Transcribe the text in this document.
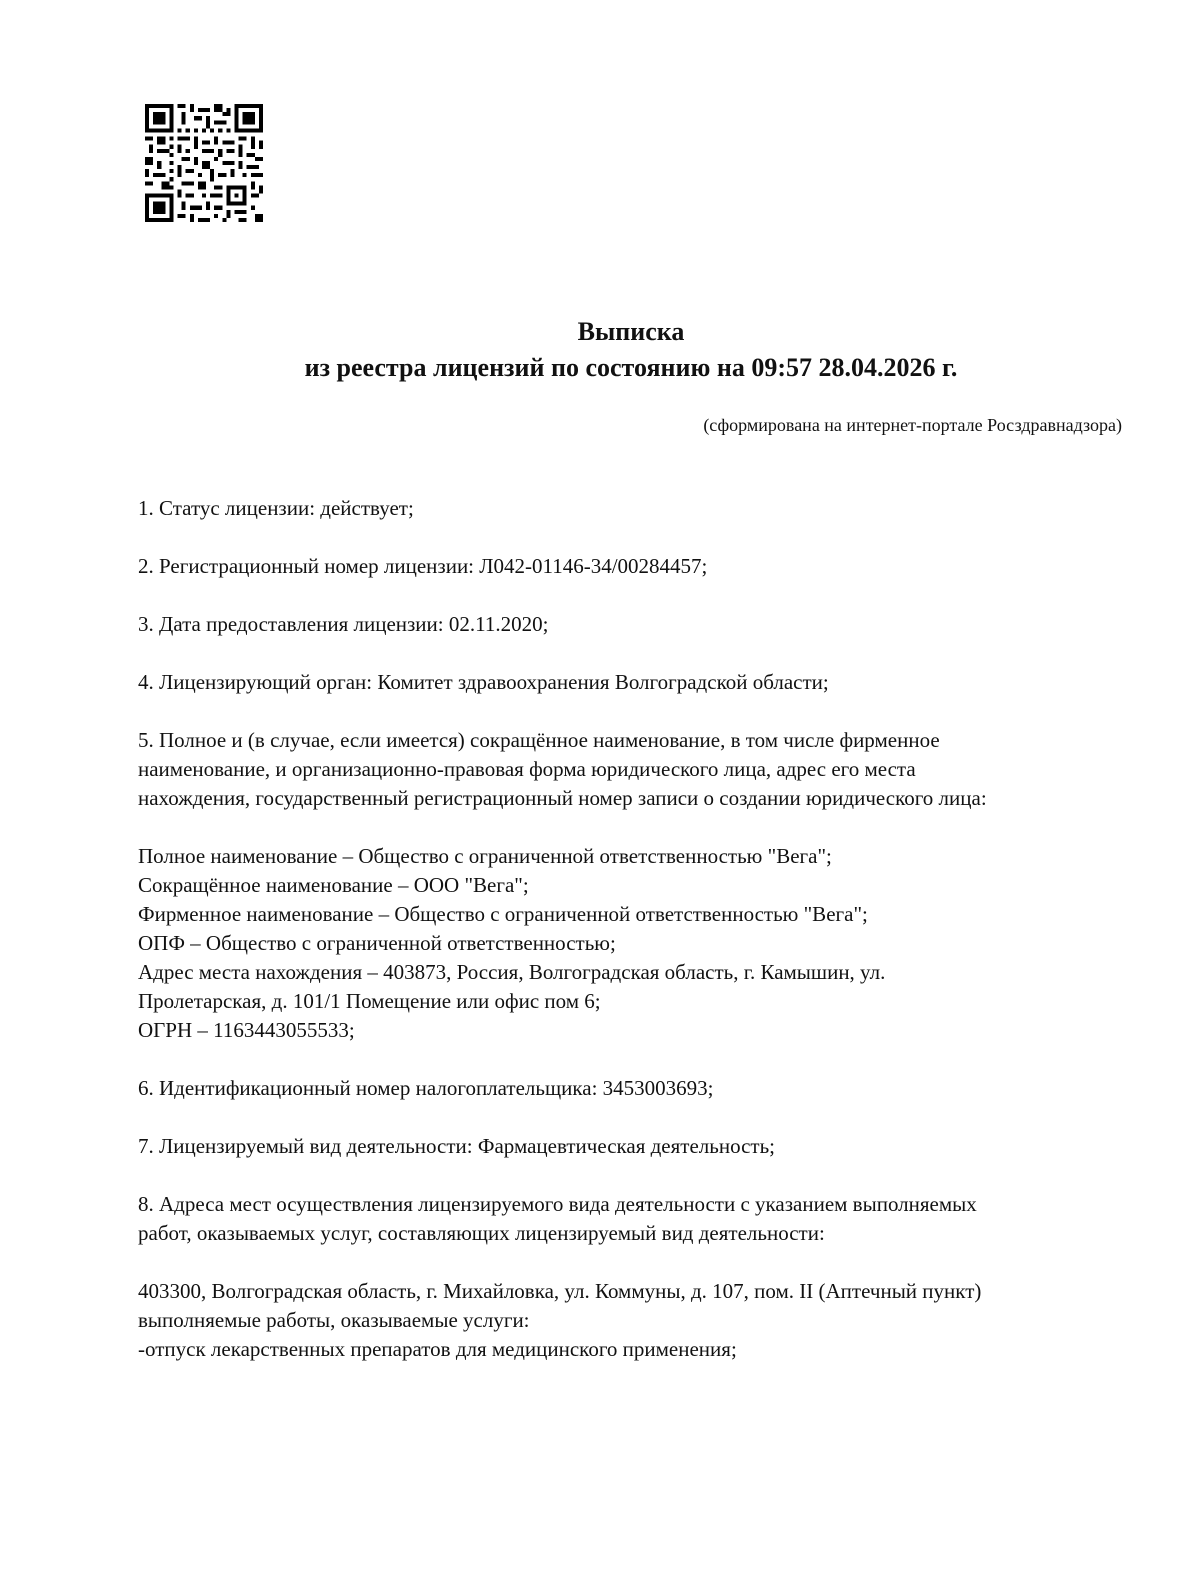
Выписка
из реестра лицензий по состоянию на 09:57 28.04.2026 г.
(сформирована на интернет-портале Росздравнадзора)

1. Статус лицензии: действует;

2. Регистрационный номер лицензии: Л042-01146-34/00284457;

3. Дата предоставления лицензии: 02.11.2020;

4. Лицензирующий орган: Комитет здравоохранения Волгоградской области;

5. Полное и (в случае, если имеется) сокращённое наименование, в том числе фирменное

наименование, и организационно-правовая форма юридического лица, адрес его места

нахождения, государственный регистрационный номер записи о создании юридического лица:

Полное наименование – Общество с ограниченной ответственностью "Вега";

Сокращённое наименование – ООО "Вега";

Фирменное наименование – Общество с ограниченной ответственностью "Вега";

ОПФ – Общество с ограниченной ответственностью;

Адрес места нахождения – 403873, Россия, Волгоградская область, г. Камышин, ул.

Пролетарская, д. 101/1 Помещение или офис пом 6;

ОГРН – 1163443055533;

6. Идентификационный номер налогоплательщика: 3453003693;

7. Лицензируемый вид деятельности: Фармацевтическая деятельность;

8. Адреса мест осуществления лицензируемого вида деятельности с указанием выполняемых

работ, оказываемых услуг, составляющих лицензируемый вид деятельности:

403300, Волгоградская область, г. Михайловка, ул. Коммуны, д. 107, пом. II (Аптечный пункт)

выполняемые работы, оказываемые услуги:

-отпуск лекарственных препаратов для медицинского применения;
